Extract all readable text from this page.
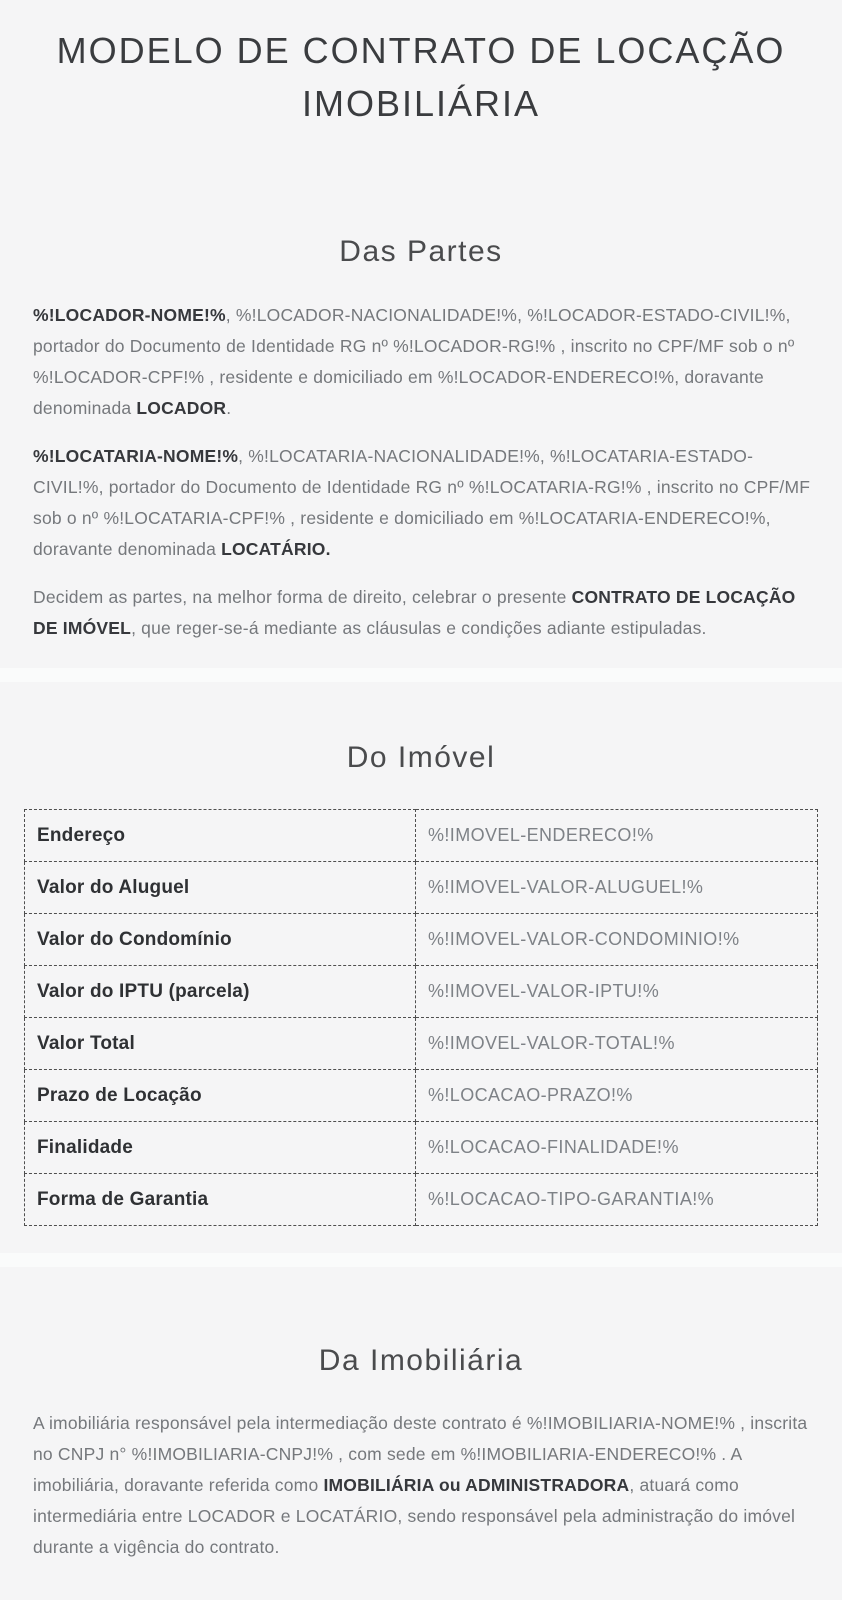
MODELO DE CONTRATO DE LOCAÇÃO IMOBILIÁRIA
Das Partes

%!LOCADOR-NOME!%, %!LOCADOR-NACIONALIDADE!%, %!LOCADOR-ESTADO-CIVIL!%, portador do Documento de Identidade RG nº %!LOCADOR-RG!% , inscrito no CPF/MF sob o nº %!LOCADOR-CPF!% , residente e domiciliado em %!LOCADOR-ENDERECO!%, doravante denominada LOCADOR.

%!LOCATARIA-NOME!%, %!LOCATARIA-NACIONALIDADE!%, %!LOCATARIA-ESTADO-CIVIL!%, portador do Documento de Identidade RG nº %!LOCATARIA-RG!% , inscrito no CPF/MF sob o nº %!LOCATARIA-CPF!% , residente e domiciliado em %!LOCATARIA-ENDERECO!%, doravante denominada LOCATÁRIO.

Decidem as partes, na melhor forma de direito, celebrar o presente CONTRATO DE LOCAÇÃO DE IMÓVEL, que reger-se-á mediante as cláusulas e condições adiante estipuladas.

Do Imóvel
Endereço	%!IMOVEL-ENDERECO!%
Valor do Aluguel	%!IMOVEL-VALOR-ALUGUEL!%
Valor do Condomínio	%!IMOVEL-VALOR-CONDOMINIO!%
Valor do IPTU (parcela)	%!IMOVEL-VALOR-IPTU!%
Valor Total	%!IMOVEL-VALOR-TOTAL!%
Prazo de Locação	%!LOCACAO-PRAZO!%
Finalidade	%!LOCACAO-FINALIDADE!%
Forma de Garantia	%!LOCACAO-TIPO-GARANTIA!%
Da Imobiliária

A imobiliária responsável pela intermediação deste contrato é %!IMOBILIARIA-NOME!% , inscrita no CNPJ n° %!IMOBILIARIA-CNPJ!% , com sede em %!IMOBILIARIA-ENDERECO!% . A imobiliária, doravante referida como IMOBILIÁRIA ou ADMINISTRADORA, atuará como intermediária entre LOCADOR e LOCATÁRIO, sendo responsável pela administração do imóvel durante a vigência do contrato.
